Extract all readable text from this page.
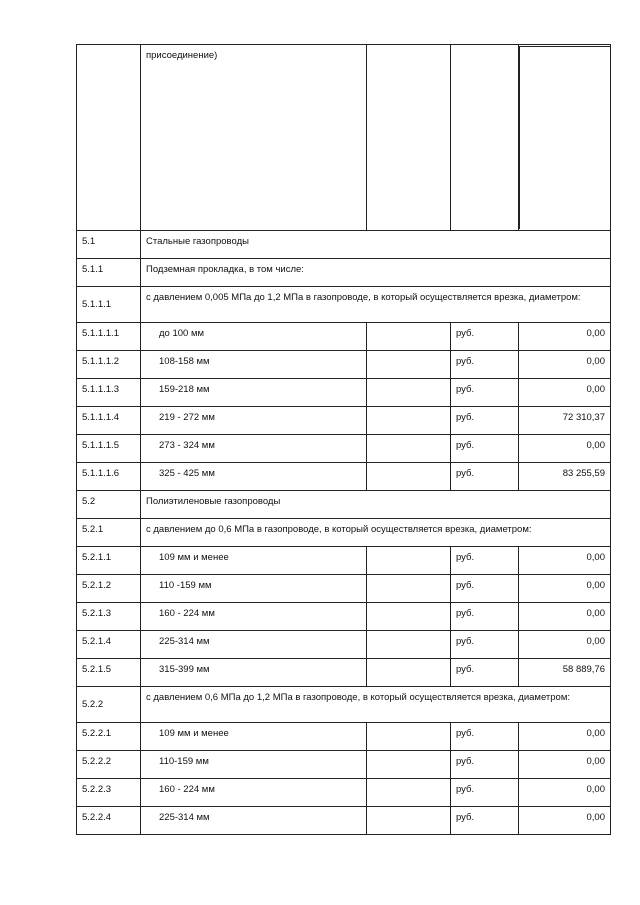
	присоединение)			
5.1	Стальные газопроводы			
5.1.1	Подземная прокладка, в том числе:			
5.1.1.1	с давлением 0,005 МПа до 1,2 МПа в газопроводе, в который осуществляется врезка, диаметром:			
5.1.1.1.1	до 100 мм		руб.	0,00
5.1.1.1.2	108-158 мм		руб.	0,00
5.1.1.1.3	159-218 мм		руб.	0,00
5.1.1.1.4	219 - 272 мм		руб.	72 310,37
5.1.1.1.5	273 - 324 мм		руб.	0,00
5.1.1.1.6	325 - 425 мм		руб.	83 255,59
5.2	Полиэтиленовые газопроводы			
5.2.1	с давлением до 0,6 МПа в газопроводе, в который осуществляется врезка, диаметром:			
5.2.1.1	109 мм и менее		руб.	0,00
5.2.1.2	110 -159 мм		руб.	0,00
5.2.1.3	160 - 224 мм		руб.	0,00
5.2.1.4	225-314 мм		руб.	0,00
5.2.1.5	315-399 мм		руб.	58 889,76
5.2.2	с давлением 0,6 МПа до 1,2 МПа в газопроводе, в который осуществляется врезка, диаметром:			
5.2.2.1	109 мм и менее		руб.	0,00
5.2.2.2	110-159 мм		руб.	0,00
5.2.2.3	160 - 224 мм		руб.	0,00
5.2.2.4	225-314 мм		руб.	0,00
